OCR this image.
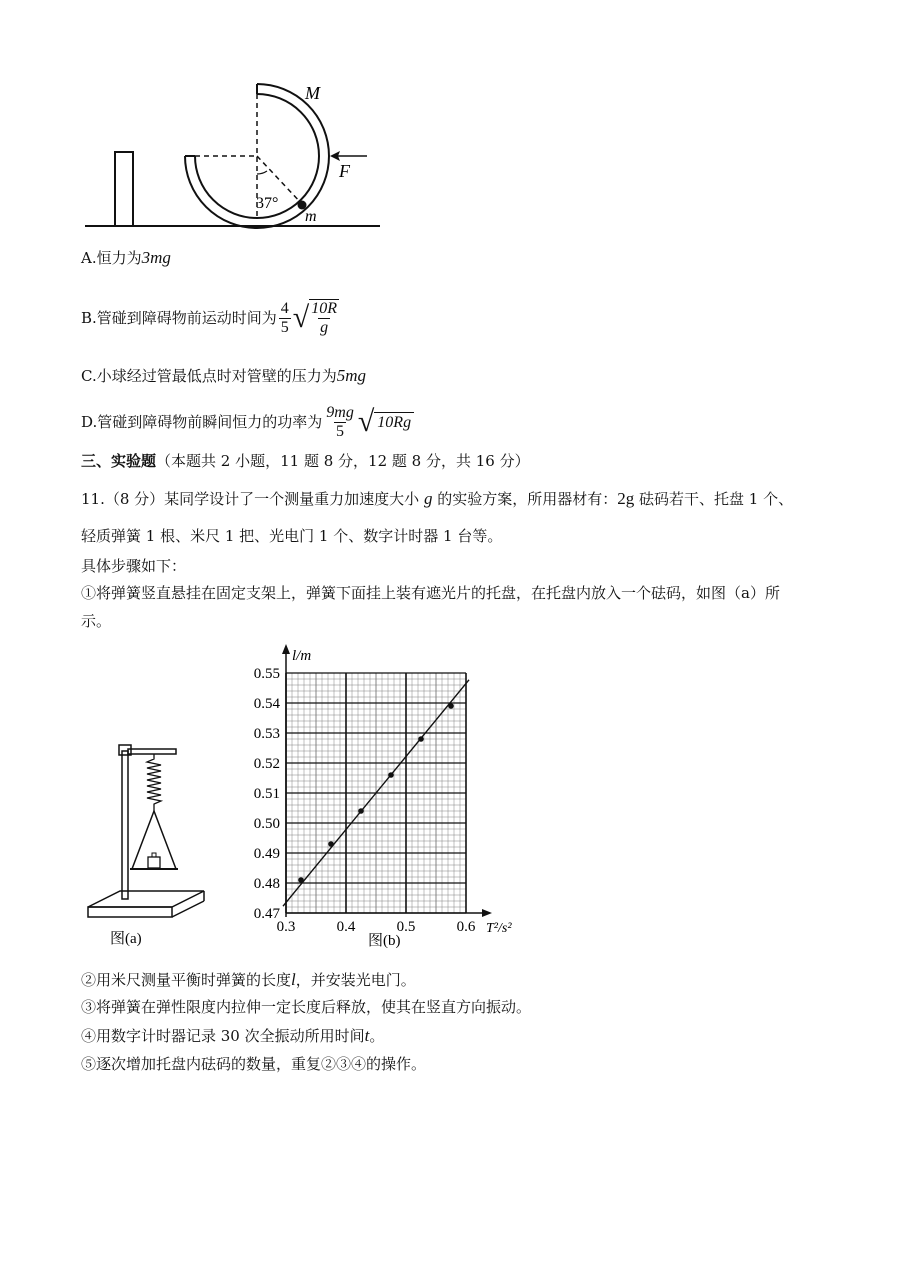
M
F
37°
m
A.恒力为3mg
B.管碰到障碍物前运动时间为 $\frac{4}{5}$ √ $\frac{10R}{g}$
C.小球经过管最低点时对管壁的压力为5mg
D.管碰到障碍物前瞬间恒力的功率为 $\frac{9mg}{5}$ √ 10Rg
三、实验题（本题共 2 小题，11 题 8 分，12 题 8 分，共 16 分）
11.（8 分）某同学设计了一个测量重力加速度大小 g 的实验方案，所用器材有：2g 砝码若干、托盘 1 个、
轻质弹簧 1 根、米尺 1 把、光电门 1 个、数字计时器 1 台等。
具体步骤如下：
①将弹簧竖直悬挂在固定支架上，弹簧下面挂上装有遮光片的托盘，在托盘内放入一个砝码，如图（a）所
示。
图(a)
0.47
0.48
0.49
0.50
0.51
0.52
0.53
0.54
0.55
0.3	0.4	0.5	0.6
l/m
T²/s²
图(b)
②用米尺测量平衡时弹簧的长度l，并安装光电门。
③将弹簧在弹性限度内拉伸一定长度后释放，使其在竖直方向振动。
④用数字计时器记录 30 次全振动所用时间t。
⑤逐次增加托盘内砝码的数量，重复②③④的操作。
